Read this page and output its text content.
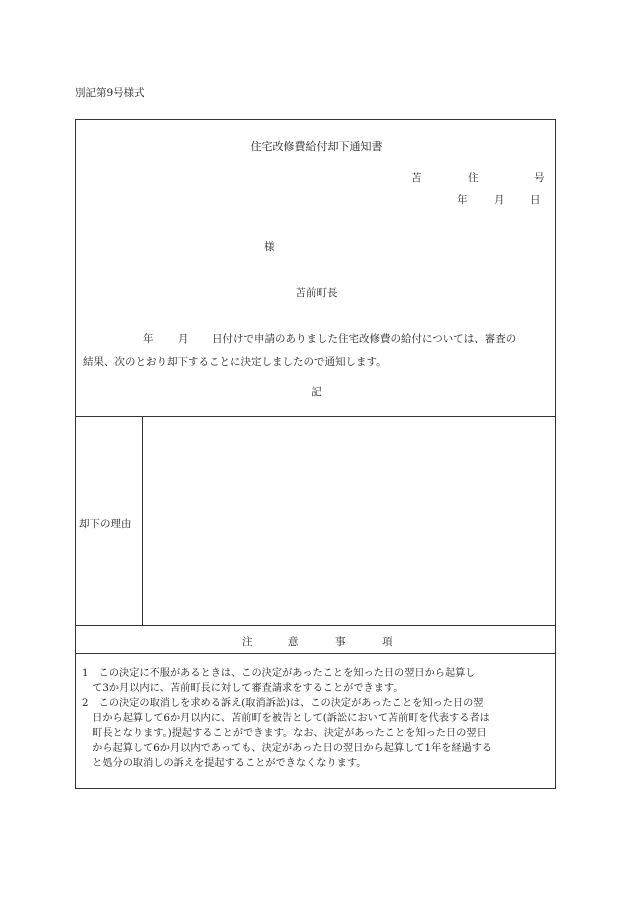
別記第9号様式
住宅改修費給付却下通知書
苫	住	号
年	月 日
様
苫前町長
年 月 日付けで申請のありました住宅改修費の給付については、審査の
結果、次のとおり却下することに決定しましたので通知します。
記
却下の理由
注	意	事	項
1　この決定に不服があるときは、この決定があったことを知った日の翌日から起算し
　て3か月以内に、苫前町長に対して審査請求をすることができます。
2　この決定の取消しを求める訴え(取消訴訟)は、この決定があったことを知った日の翌
　日から起算して6か月以内に、苫前町を被告として(訴訟において苫前町を代表する者は
　町長となります。)提起することができます。なお、決定があったことを知った日の翌日
　から起算して6か月以内であっても、決定があった日の翌日から起算して1年を経過する
　と処分の取消しの訴えを提起することができなくなります。
